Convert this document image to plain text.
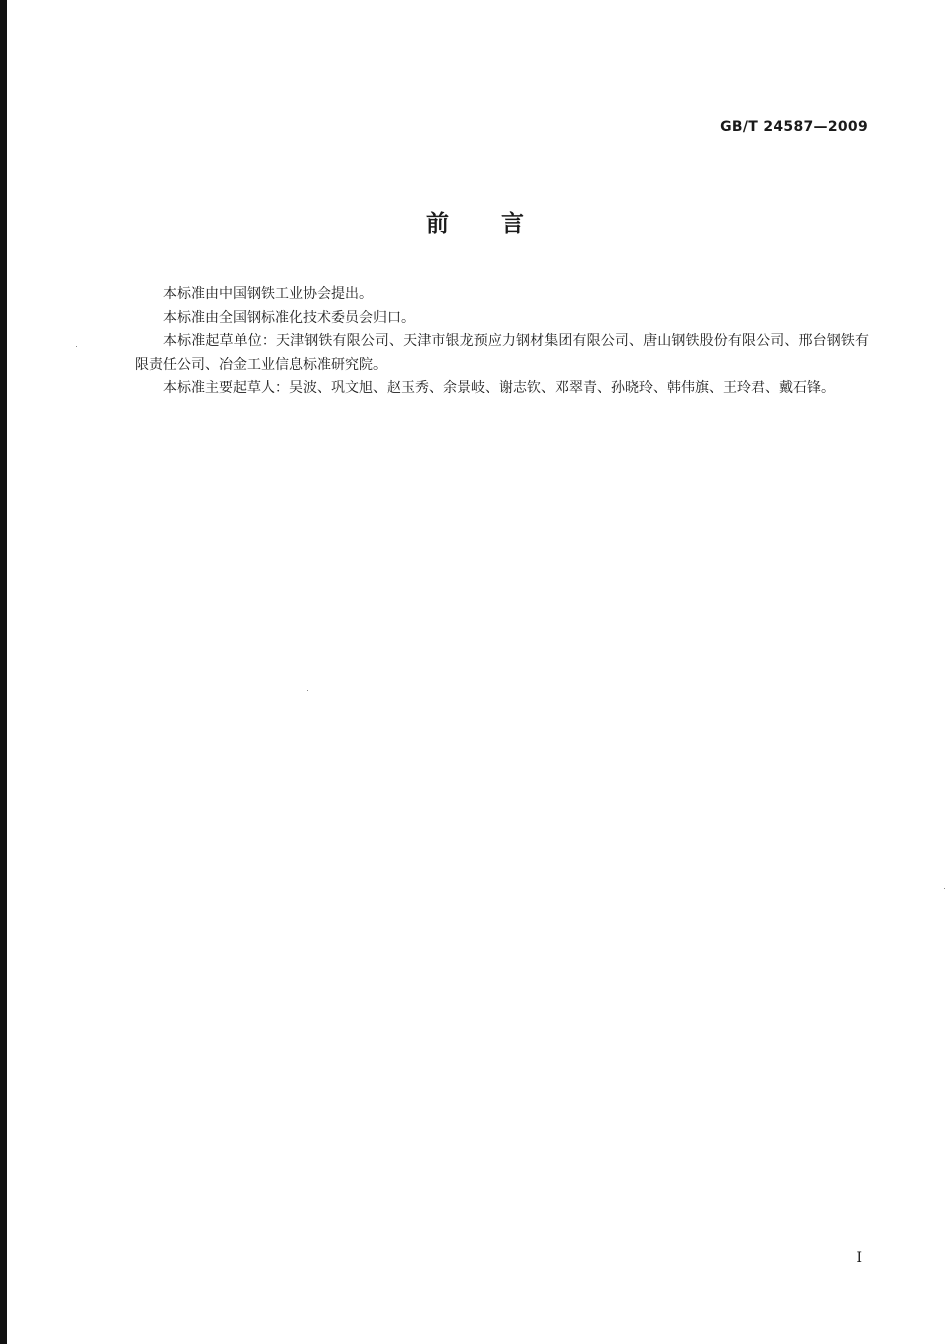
GB/T 24587—2009
前言

本标准由中国钢铁工业协会提出。

本标准由全国钢标准化技术委员会归口。

本标准起草单位：天津钢铁有限公司、天津市银龙预应力钢材集团有限公司、唐山钢铁股份有限公司、邢台钢铁有限责任公司、冶金工业信息标准研究院。

本标准主要起草人：吴波、巩文旭、赵玉秀、余景岐、谢志钦、邓翠青、孙晓玲、韩伟旗、王玲君、戴石锋。

I
